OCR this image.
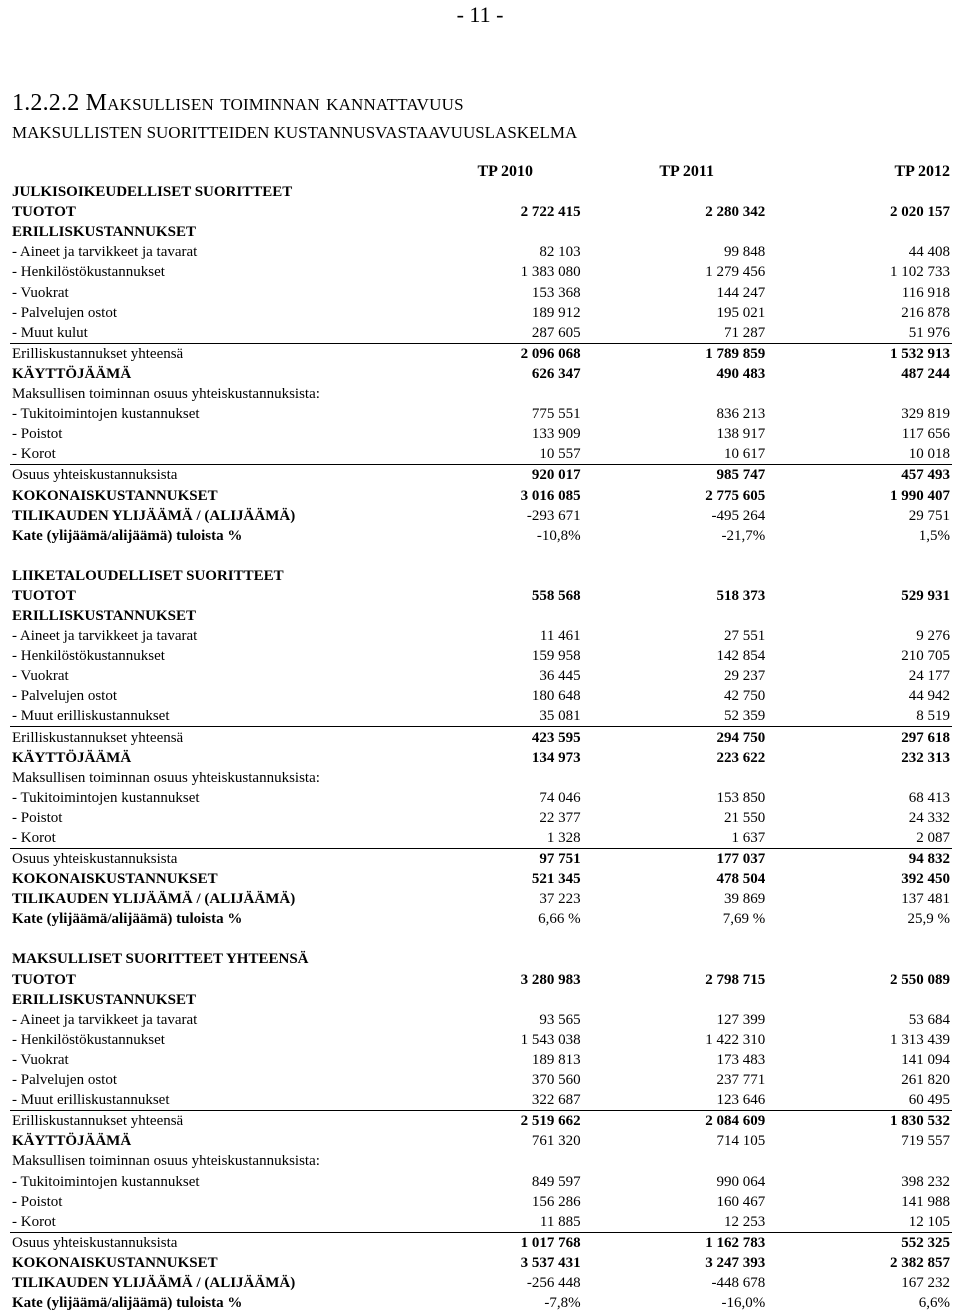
- 11 -
1.2.2.2 Maksullisen toiminnan kannattavuus
MAKSULLISTEN SUORITTEIDEN KUSTANNUSVASTAAVUUSLASKELMA
TP 2010	TP 2011	TP 2012
JULKISOIKEUDELLISET SUORITTEET			
TUOTOT	2 722 415	2 280 342	2 020 157
ERILLISKUSTANNUKSET			
- Aineet ja tarvikkeet ja tavarat	82 103	99 848	44 408
- Henkilöstökustannukset	1 383 080	1 279 456	1 102 733
- Vuokrat	153 368	144 247	116 918
- Palvelujen ostot	189 912	195 021	216 878
- Muut kulut	287 605	71 287	51 976
Erilliskustannukset yhteensä	2 096 068	1 789 859	1 532 913
KÄYTTÖJÄÄMÄ	626 347	490 483	487 244
Maksullisen toiminnan osuus yhteiskustannuksista:			
- Tukitoimintojen kustannukset	775 551	836 213	329 819
- Poistot	133 909	138 917	117 656
- Korot	10 557	10 617	10 018
Osuus yhteiskustannuksista	920 017	985 747	457 493
KOKONAISKUSTANNUKSET	3 016 085	2 775 605	1 990 407
TILIKAUDEN YLIJÄÄMÄ / (ALIJÄÄMÄ)	-293 671	-495 264	29 751
Kate (ylijäämä/alijäämä) tuloista %	-10,8%	-21,7%	1,5%

LIIKETALOUDELLISET SUORITTEET			
TUOTOT	558 568	518 373	529 931
ERILLISKUSTANNUKSET			
- Aineet ja tarvikkeet ja tavarat	11 461	27 551	9 276
- Henkilöstökustannukset	159 958	142 854	210 705
- Vuokrat	36 445	29 237	24 177
- Palvelujen ostot	180 648	42 750	44 942
- Muut erilliskustannukset	35 081	52 359	8 519
Erilliskustannukset yhteensä	423 595	294 750	297 618
KÄYTTÖJÄÄMÄ	134 973	223 622	232 313
Maksullisen toiminnan osuus yhteiskustannuksista:			
- Tukitoimintojen kustannukset	74 046	153 850	68 413
- Poistot	22 377	21 550	24 332
- Korot	1 328	1 637	2 087
Osuus yhteiskustannuksista	97 751	177 037	94 832
KOKONAISKUSTANNUKSET	521 345	478 504	392 450
TILIKAUDEN YLIJÄÄMÄ / (ALIJÄÄMÄ)	37 223	39 869	137 481
Kate (ylijäämä/alijäämä) tuloista %	6,66 %	7,69 %	25,9 %

MAKSULLISET SUORITTEET YHTEENSÄ			
TUOTOT	3 280 983	2 798 715	2 550 089
ERILLISKUSTANNUKSET			
- Aineet ja tarvikkeet ja tavarat	93 565	127 399	53 684
- Henkilöstökustannukset	1 543 038	1 422 310	1 313 439
- Vuokrat	189 813	173 483	141 094
- Palvelujen ostot	370 560	237 771	261 820
- Muut erilliskustannukset	322 687	123 646	60 495
Erilliskustannukset yhteensä	2 519 662	2 084 609	1 830 532
KÄYTTÖJÄÄMÄ	761 320	714 105	719 557
Maksullisen toiminnan osuus yhteiskustannuksista:			
- Tukitoimintojen kustannukset	849 597	990 064	398 232
- Poistot	156 286	160 467	141 988
- Korot	11 885	12 253	12 105
Osuus yhteiskustannuksista	1 017 768	1 162 783	552 325
KOKONAISKUSTANNUKSET	3 537 431	3 247 393	2 382 857
TILIKAUDEN YLIJÄÄMÄ / (ALIJÄÄMÄ)	-256 448	-448 678	167 232
Kate (ylijäämä/alijäämä) tuloista %	-7,8%	-16,0%	6,6%
